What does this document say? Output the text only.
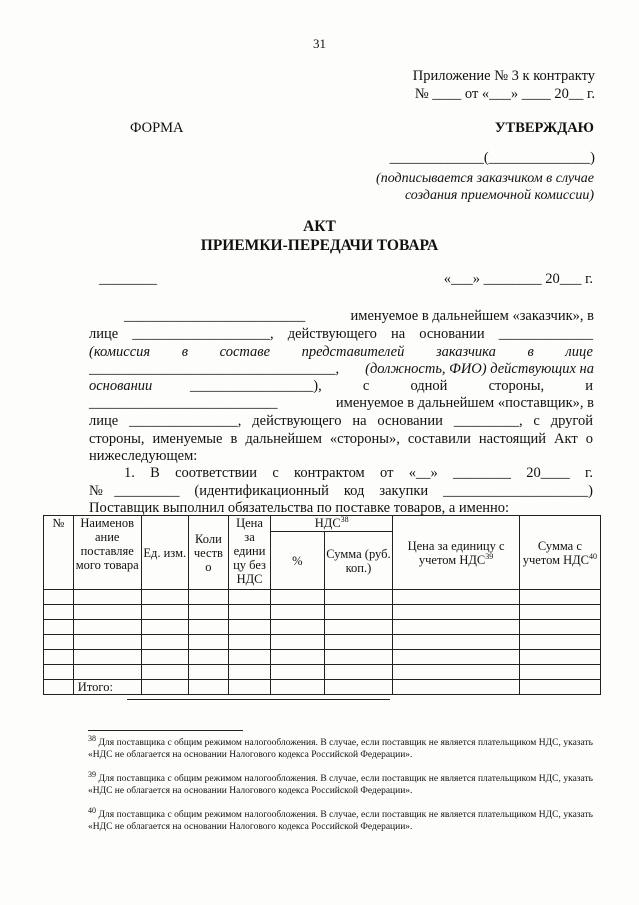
31
Приложение № 3 к контракту
№ ____ от «___» ____ 20__ г.
ФОРМА	УТВЕРЖДАЮ
_____________(______________)
(подписывается заказчиком в случае
создания приемочной комиссии)
АКТ
ПРИЕМКИ-ПЕРЕДАЧИ ТОВАРА
________	«___» ________ 20___ г.
_________________________	именуемое в дальнейшем «заказчик», в
лице ___________________, действующего на основании _____________
(комиссия в составе представителей заказчика в лице
__________________________________, (должность, ФИО) действующих на
основании	_________________), с одной стороны, и
__________________________	именуемое в дальнейшем «поставщик», в
лице _______________, действующего на основании _________, с другой
стороны, именуемые в дальнейшем «стороны», составили настоящий Акт о
нижеследующем:
1. В соответствии с контрактом от «__» ________ 20____ г.
№_________ (идентификационный код закупки ____________________)
Поставщик выполнил обязательства по поставке товаров, а именно:
№	Наименов ание поставляе мого товара	Ед. изм.	Коли честв о	Цена за едини цу без НДС	НДС$^{38}$		Цена за единицу с учетом НДС$^{39}$	Сумма с учетом НДС$^{40}$
					%	Сумма (руб. коп.)		

	Итого:							
$^{38}$ Для поставщика с общим режимом налогообложения. В случае, если поставщик не является плательщиком НДС, указать «НДС не облагается на основании Налогового кодекса Российской Федерации».
$^{39}$ Для поставщика с общим режимом налогообложения. В случае, если поставщик не является плательщиком НДС, указать «НДС не облагается на основании Налогового кодекса Российской Федерации».
$^{40}$ Для поставщика с общим режимом налогообложения. В случае, если поставщик не является плательщиком НДС, указать «НДС не облагается на основании Налогового кодекса Российской Федерации».
